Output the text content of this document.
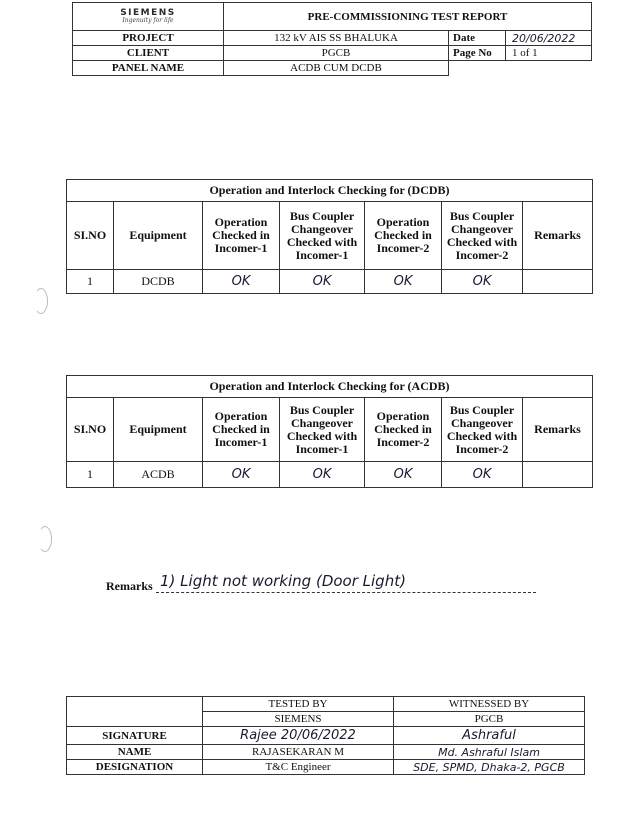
SIEMENS
Ingenuity for life	PRE-COMMISSIONING TEST REPORT		
PROJECT	132 kV AIS SS BHALUKA	Date	20/06/2022
CLIENT	PGCB	Page No	1 of 1
PANEL NAME	ACDB CUM DCDB		
Operation and Interlock Checking for (DCDB)						
SI.NO	Equipment	Operation Checked in Incomer-1	Bus Coupler Changeover Checked with Incomer-1	Operation Checked in Incomer-2	Bus Coupler Changeover Checked with Incomer-2	Remarks
1	DCDB	OK	OK	OK	OK	
Operation and Interlock Checking for (ACDB)						
SI.NO	Equipment	Operation Checked in Incomer-1	Bus Coupler Changeover Checked with Incomer-1	Operation Checked in Incomer-2	Bus Coupler Changeover Checked with Incomer-2	Remarks
1	ACDB	OK	OK	OK	OK	
Remarks 1) Light not working (Door Light)
	TESTED BY	WITNESSED BY
	SIEMENS	PGCB
SIGNATURE	Rajee 20/06/2022	Ashraful
NAME	RAJASEKARAN M	Md. Ashraful Islam
DESIGNATION	T&C Engineer	SDE, SPMD, Dhaka-2, PGCB
